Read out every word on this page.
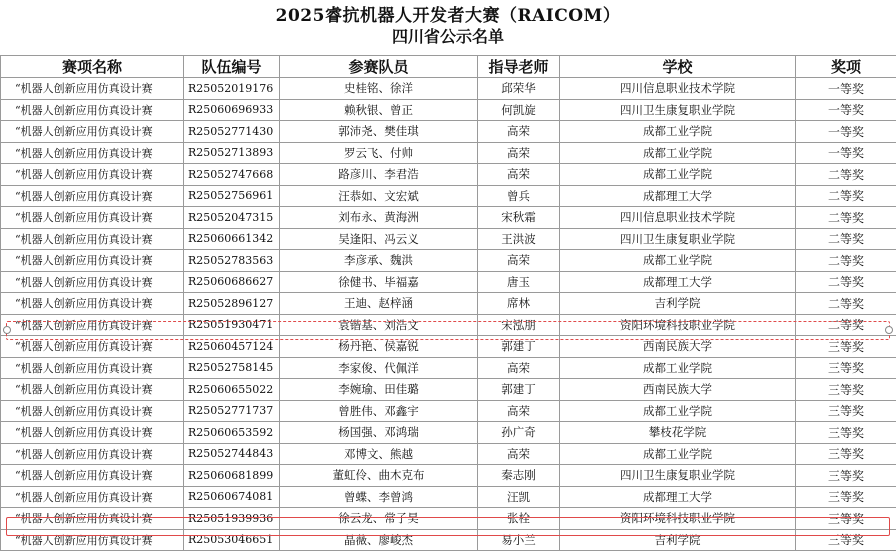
2025睿抗机器人开发者大赛（RAICOM）
四川省公示名单
赛项名称	队伍编号	参赛队员	指导老师	学校	奖项
“机器人创新应用仿真设计赛	R25052019176	史桂铭、徐洋	邱荣华	四川信息职业技术学院	一等奖
“机器人创新应用仿真设计赛	R25060696933	赖秋银、曾正	何凯旋	四川卫生康复职业学院	一等奖
“机器人创新应用仿真设计赛	R25052771430	郭沛尧、樊佳琪	高荣	成都工业学院	一等奖
“机器人创新应用仿真设计赛	R25052713893	罗云飞、付帅	高荣	成都工业学院	一等奖
“机器人创新应用仿真设计赛	R25052747668	路彦川、李君浩	高荣	成都工业学院	二等奖
“机器人创新应用仿真设计赛	R25052756961	汪恭如、文宏斌	曾兵	成都理工大学	二等奖
“机器人创新应用仿真设计赛	R25052047315	刘布永、黄海洲	宋秋霜	四川信息职业技术学院	二等奖
“机器人创新应用仿真设计赛	R25060661342	吴逢阳、冯云义	王洪波	四川卫生康复职业学院	二等奖
“机器人创新应用仿真设计赛	R25052783563	李彦承、魏洪	高荣	成都工业学院	二等奖
“机器人创新应用仿真设计赛	R25060686627	徐健书、毕福嘉	唐玉	成都理工大学	二等奖
“机器人创新应用仿真设计赛	R25052896127	王迪、赵梓涵	席林	吉利学院	二等奖
“机器人创新应用仿真设计赛	R25051930471	袁锴基、刘浩文	宋泓朋	资阳环境科技职业学院	二等奖
“机器人创新应用仿真设计赛	R25060457124	杨丹艳、侯嘉锐	郭建丁	西南民族大学	三等奖
“机器人创新应用仿真设计赛	R25052758145	李家俊、代佩洋	高荣	成都工业学院	三等奖
“机器人创新应用仿真设计赛	R25060655022	李婉瑜、田佳璐	郭建丁	西南民族大学	三等奖
“机器人创新应用仿真设计赛	R25052771737	曾胜伟、邓鑫宇	高荣	成都工业学院	三等奖
“机器人创新应用仿真设计赛	R25060653592	杨国强、邓鸿瑞	孙广奇	攀枝花学院	三等奖
“机器人创新应用仿真设计赛	R25052744843	邓博文、熊越	高荣	成都工业学院	三等奖
“机器人创新应用仿真设计赛	R25060681899	董虹伶、曲木克布	秦志刚	四川卫生康复职业学院	三等奖
“机器人创新应用仿真设计赛	R25060674081	曾蝶、李曾鸿	汪凯	成都理工大学	三等奖
“机器人创新应用仿真设计赛	R25051939936	徐云龙、常子昊	张栓	资阳环境科技职业学院	三等奖
“机器人创新应用仿真设计赛	R25053046651	晶薇、廖峻杰	易小兰	吉利学院	三等奖
